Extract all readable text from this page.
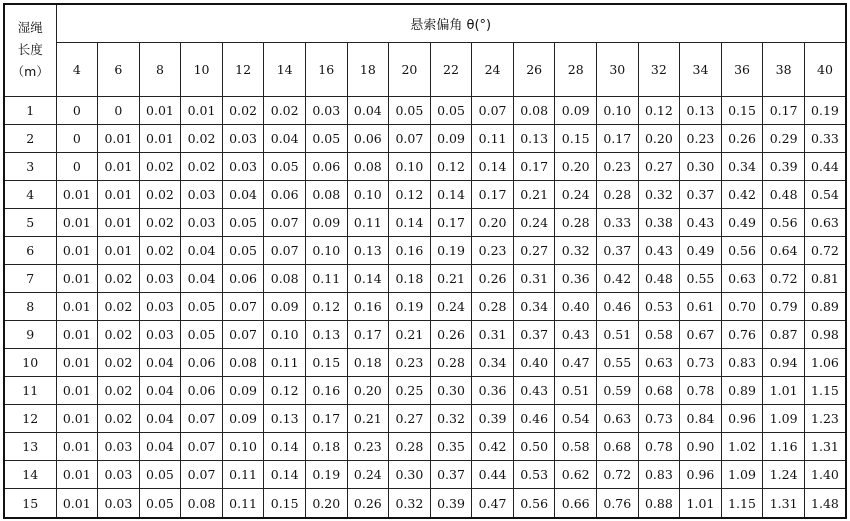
湿绳
长度
（m）	悬索偏角 θ(°)																		
	4	6	8	10	12	14	16	18	20	22	24	26	28	30	32	34	36	38	40
1	0	0	0.01	0.01	0.02	0.02	0.03	0.04	0.05	0.05	0.07	0.08	0.09	0.10	0.12	0.13	0.15	0.17	0.19
2	0	0.01	0.01	0.02	0.03	0.04	0.05	0.06	0.07	0.09	0.11	0.13	0.15	0.17	0.20	0.23	0.26	0.29	0.33
3	0	0.01	0.02	0.02	0.03	0.05	0.06	0.08	0.10	0.12	0.14	0.17	0.20	0.23	0.27	0.30	0.34	0.39	0.44
4	0.01	0.01	0.02	0.03	0.04	0.06	0.08	0.10	0.12	0.14	0.17	0.21	0.24	0.28	0.32	0.37	0.42	0.48	0.54
5	0.01	0.01	0.02	0.03	0.05	0.07	0.09	0.11	0.14	0.17	0.20	0.24	0.28	0.33	0.38	0.43	0.49	0.56	0.63
6	0.01	0.01	0.02	0.04	0.05	0.07	0.10	0.13	0.16	0.19	0.23	0.27	0.32	0.37	0.43	0.49	0.56	0.64	0.72
7	0.01	0.02	0.03	0.04	0.06	0.08	0.11	0.14	0.18	0.21	0.26	0.31	0.36	0.42	0.48	0.55	0.63	0.72	0.81
8	0.01	0.02	0.03	0.05	0.07	0.09	0.12	0.16	0.19	0.24	0.28	0.34	0.40	0.46	0.53	0.61	0.70	0.79	0.89
9	0.01	0.02	0.03	0.05	0.07	0.10	0.13	0.17	0.21	0.26	0.31	0.37	0.43	0.51	0.58	0.67	0.76	0.87	0.98
10	0.01	0.02	0.04	0.06	0.08	0.11	0.15	0.18	0.23	0.28	0.34	0.40	0.47	0.55	0.63	0.73	0.83	0.94	1.06
11	0.01	0.02	0.04	0.06	0.09	0.12	0.16	0.20	0.25	0.30	0.36	0.43	0.51	0.59	0.68	0.78	0.89	1.01	1.15
12	0.01	0.02	0.04	0.07	0.09	0.13	0.17	0.21	0.27	0.32	0.39	0.46	0.54	0.63	0.73	0.84	0.96	1.09	1.23
13	0.01	0.03	0.04	0.07	0.10	0.14	0.18	0.23	0.28	0.35	0.42	0.50	0.58	0.68	0.78	0.90	1.02	1.16	1.31
14	0.01	0.03	0.05	0.07	0.11	0.14	0.19	0.24	0.30	0.37	0.44	0.53	0.62	0.72	0.83	0.96	1.09	1.24	1.40
15	0.01	0.03	0.05	0.08	0.11	0.15	0.20	0.26	0.32	0.39	0.47	0.56	0.66	0.76	0.88	1.01	1.15	1.31	1.48
